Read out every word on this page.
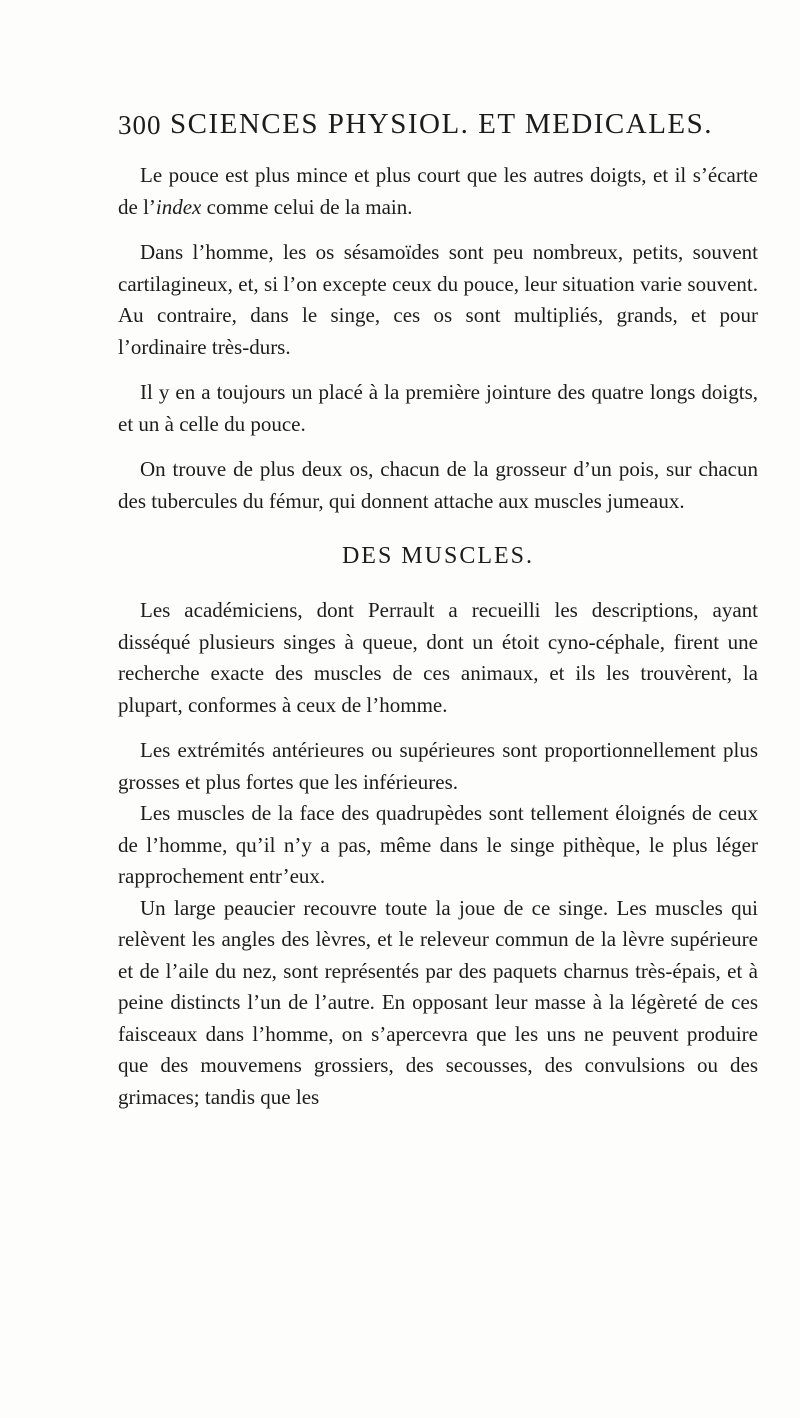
300 SCIENCES PHYSIOL. ET MEDICALES.

Le pouce est plus mince et plus court que les autres doigts, et il s’écarte de l’index comme celui de la main.

Dans l’homme, les os sésamoïdes sont peu nombreux, petits, souvent cartilagineux, et, si l’on excepte ceux du pouce, leur situation varie souvent. Au contraire, dans le singe, ces os sont multipliés, grands, et pour l’ordinaire très-durs.

Il y en a toujours un placé à la première jointure des quatre longs doigts, et un à celle du pouce.

On trouve de plus deux os, chacun de la grosseur d’un pois, sur chacun des tubercules du fémur, qui donnent attache aux muscles jumeaux.

DES MUSCLES.

Les académiciens, dont Perrault a recueilli les descriptions, ayant disséqué plusieurs singes à queue, dont un étoit cyno-céphale, firent une recherche exacte des muscles de ces animaux, et ils les trouvèrent, la plupart, conformes à ceux de l’homme.

Les extrémités antérieures ou supérieures sont proportionnellement plus grosses et plus fortes que les inférieures.

Les muscles de la face des quadrupèdes sont tellement éloignés de ceux de l’homme, qu’il n’y a pas, même dans le singe pithèque, le plus léger rapprochement entr’eux.

Un large peaucier recouvre toute la joue de ce singe. Les muscles qui relèvent les angles des lèvres, et le releveur commun de la lèvre supérieure et de l’aile du nez, sont représentés par des paquets charnus très-épais, et à peine distincts l’un de l’autre. En opposant leur masse à la légèreté de ces faisceaux dans l’homme, on s’apercevra que les uns ne peuvent produire que des mouvemens grossiers, des secousses, des convulsions ou des grimaces; tandis que les
